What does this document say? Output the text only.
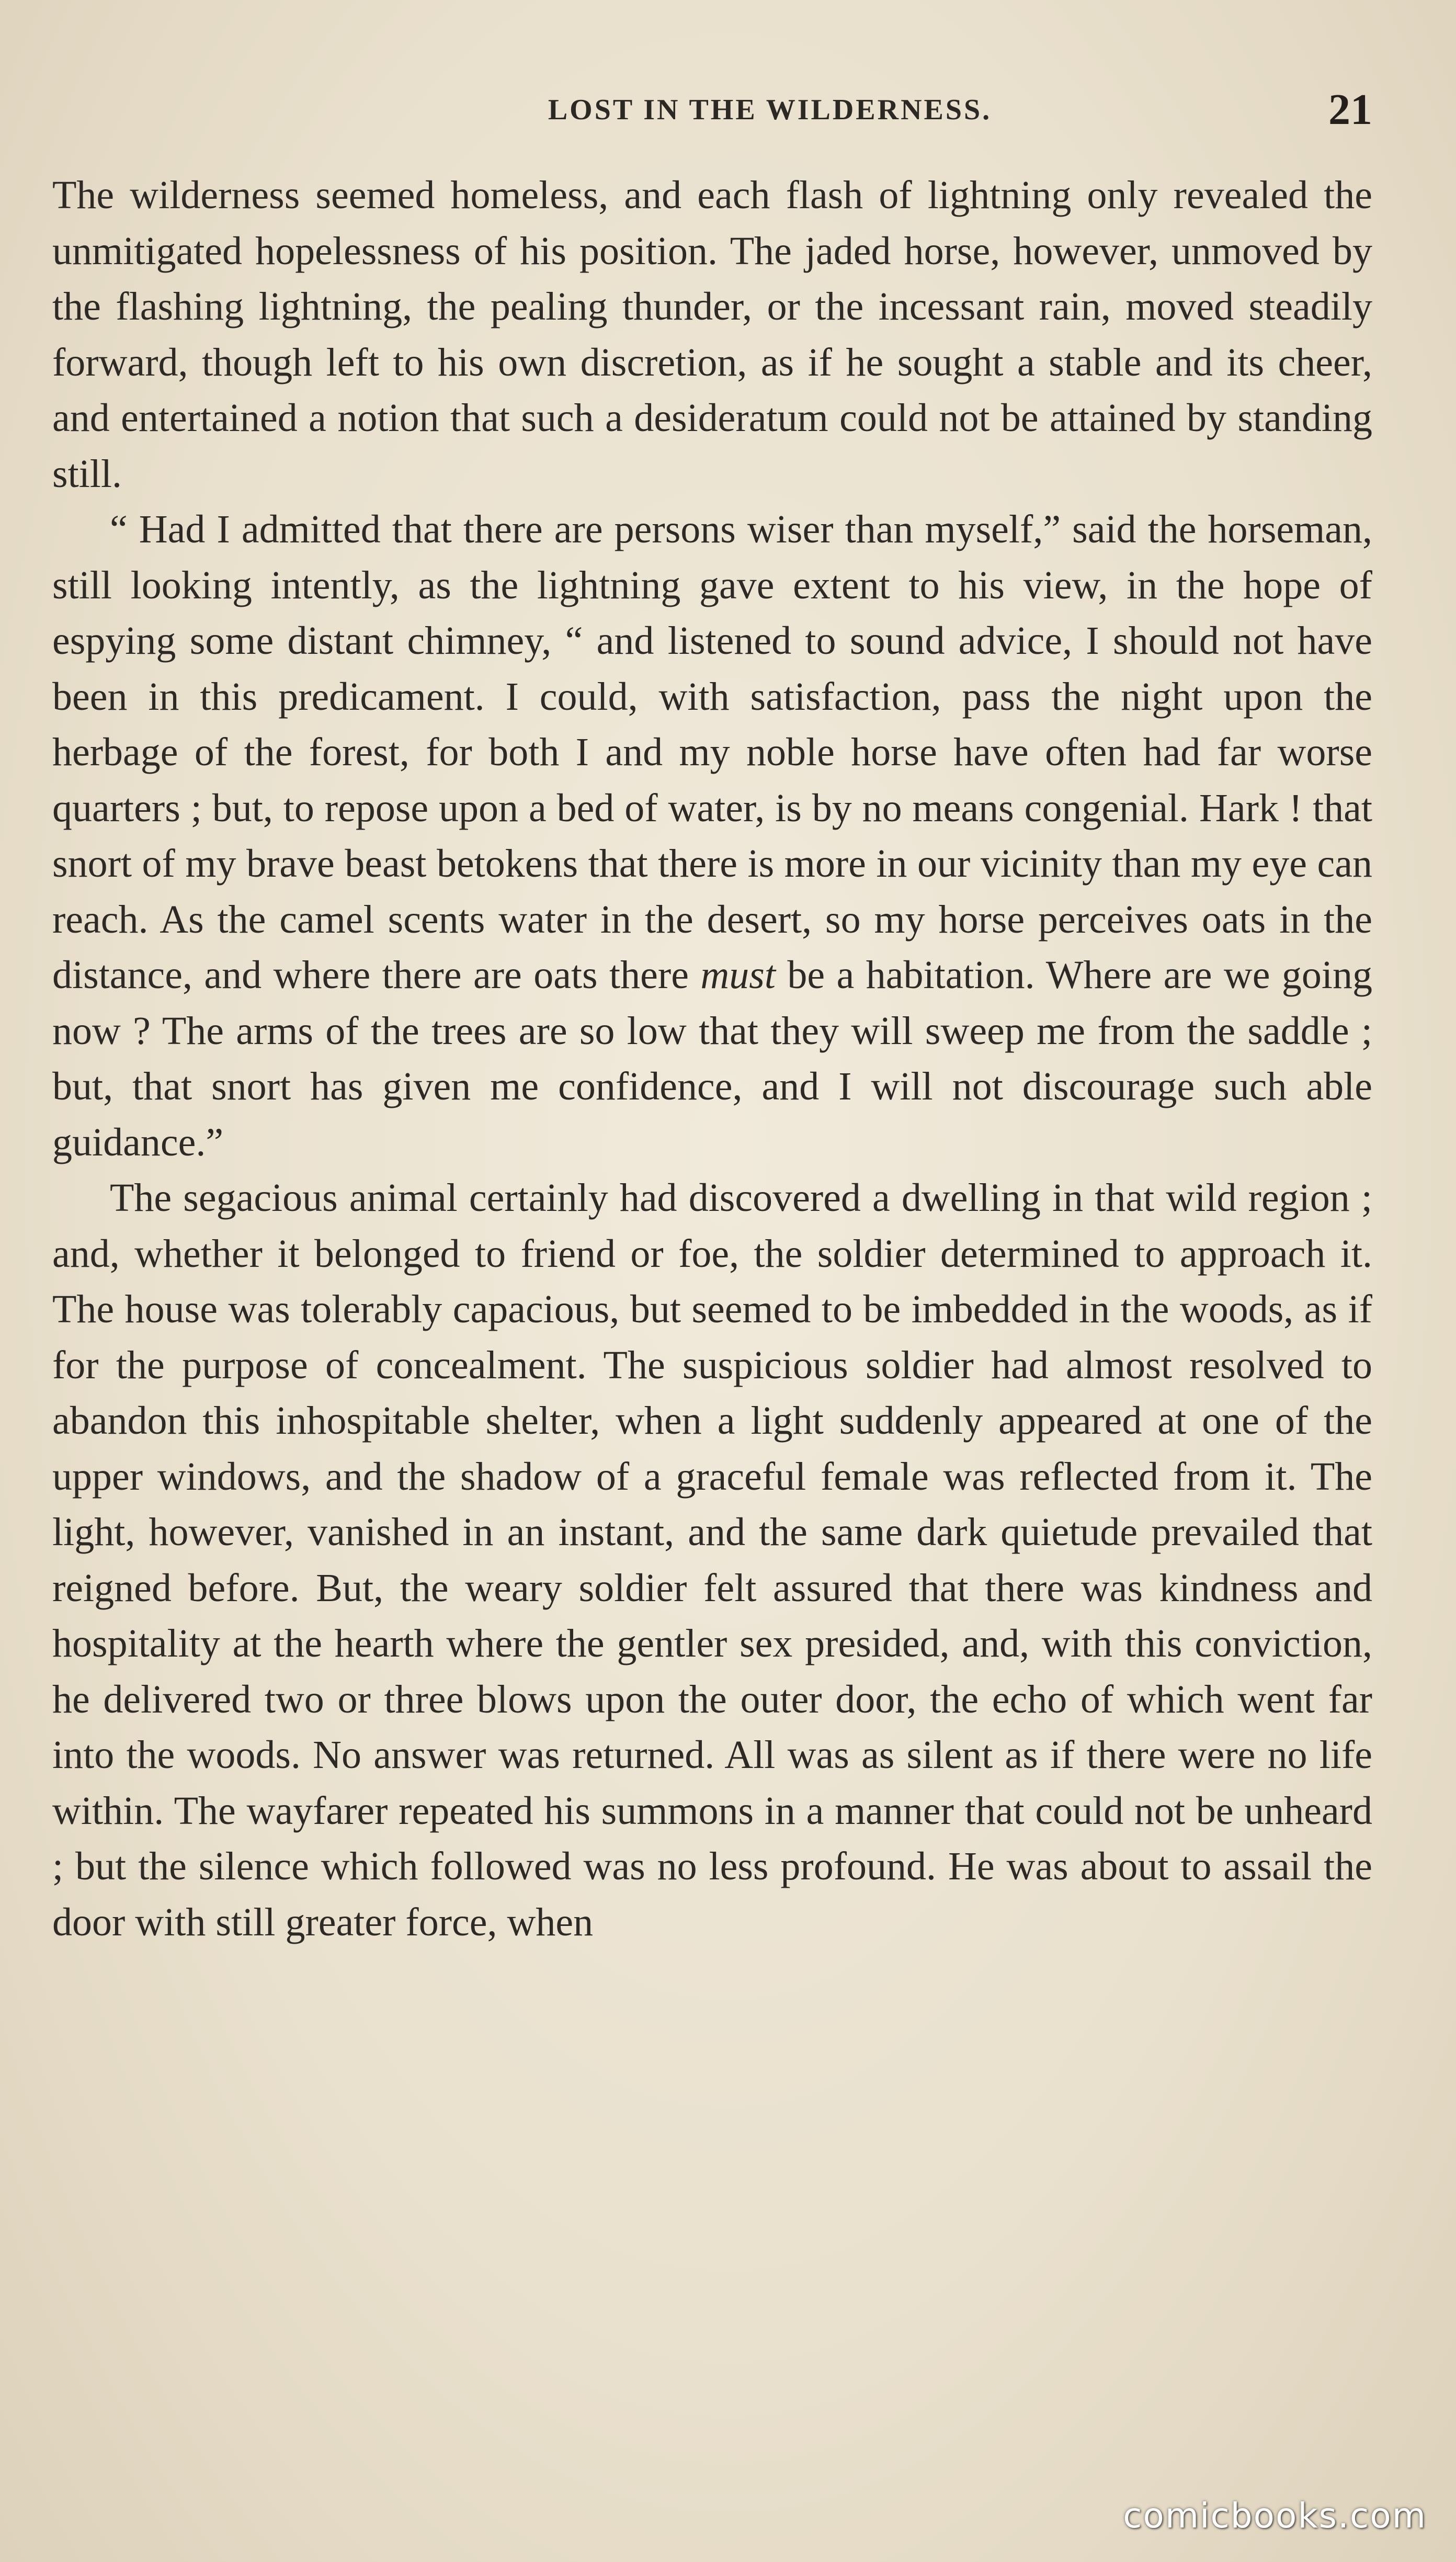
LOST IN THE WILDERNESS.	21

The wilderness seemed homeless, and each flash of lightning only revealed the unmitigated hopelessness of his position. The jaded horse, however, unmoved by the flashing lightning, the pealing thunder, or the incessant rain, moved steadily forward, though left to his own discretion, as if he sought a stable and its cheer, and entertained a notion that such a desideratum could not be attained by standing still.

“ Had I admitted that there are persons wiser than myself,” said the horseman, still looking intently, as the lightning gave extent to his view, in the hope of espying some distant chimney, “ and listened to sound advice, I should not have been in this predicament. I could, with satisfaction, pass the night upon the herbage of the forest, for both I and my noble horse have often had far worse quarters ; but, to repose upon a bed of water, is by no means congenial. Hark ! that snort of my brave beast betokens that there is more in our vicinity than my eye can reach. As the camel scents water in the desert, so my horse perceives oats in the distance, and where there are oats there must be a habitation. Where are we going now ? The arms of the trees are so low that they will sweep me from the saddle ; but, that snort has given me confidence, and I will not discourage such able guidance.”

The segacious animal certainly had discovered a dwelling in that wild region ; and, whether it belonged to friend or foe, the soldier determined to approach it. The house was tolerably capacious, but seemed to be imbedded in the woods, as if for the purpose of concealment. The suspicious soldier had almost resolved to abandon this inhospitable shelter, when a light suddenly appeared at one of the upper windows, and the shadow of a graceful female was reflected from it. The light, however, vanished in an instant, and the same dark quietude prevailed that reigned before. But, the weary soldier felt assured that there was kindness and hospitality at the hearth where the gentler sex presided, and, with this conviction, he delivered two or three blows upon the outer door, the echo of which went far into the woods. No answer was returned. All was as silent as if there were no life within. The wayfarer repeated his summons in a manner that could not be unheard ; but the silence which followed was no less profound. He was about to assail the door with still greater force, when

comicbooks.com
